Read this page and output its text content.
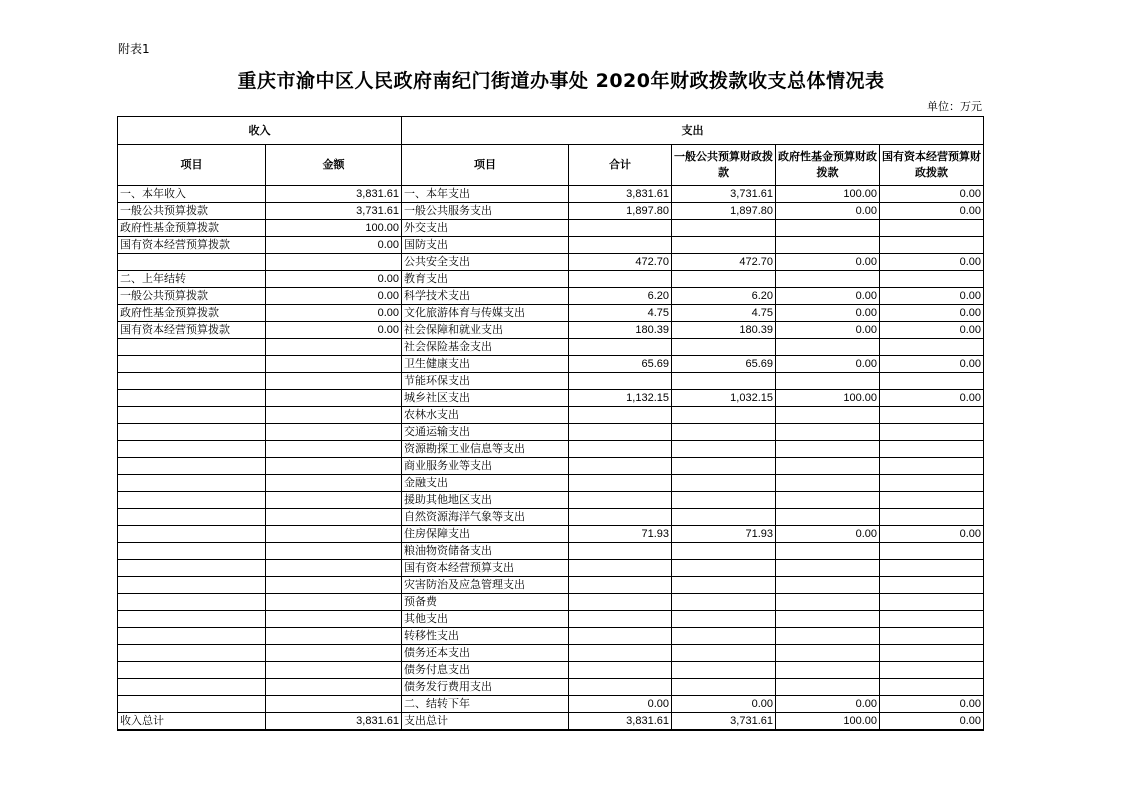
附表1
重庆市渝中区人民政府南纪门街道办事处 2020年财政拨款收支总体情况表
单位：万元
收入		支出				
项目	金额	项目	合计	一般公共预算财政拨款	政府性基金预算财政拨款	国有资本经营预算财政拨款
一、本年收入	3,831.61	一、本年支出	3,831.61	3,731.61	100.00	0.00
一般公共预算拨款	3,731.61	一般公共服务支出	1,897.80	1,897.80	0.00	0.00
政府性基金预算拨款	100.00	外交支出				
国有资本经营预算拨款	0.00	国防支出				
		公共安全支出	472.70	472.70	0.00	0.00
二、上年结转	0.00	教育支出				
一般公共预算拨款	0.00	科学技术支出	6.20	6.20	0.00	0.00
政府性基金预算拨款	0.00	文化旅游体育与传媒支出	4.75	4.75	0.00	0.00
国有资本经营预算拨款	0.00	社会保障和就业支出	180.39	180.39	0.00	0.00
		社会保险基金支出				
		卫生健康支出	65.69	65.69	0.00	0.00
		节能环保支出				
		城乡社区支出	1,132.15	1,032.15	100.00	0.00
		农林水支出				
		交通运输支出				
		资源勘探工业信息等支出				
		商业服务业等支出				
		金融支出				
		援助其他地区支出				
		自然资源海洋气象等支出				
		住房保障支出	71.93	71.93	0.00	0.00
		粮油物资储备支出				
		国有资本经营预算支出				
		灾害防治及应急管理支出				
		预备费				
		其他支出				
		转移性支出				
		债务还本支出				
		债务付息支出				
		债务发行费用支出				
		二、结转下年	0.00	0.00	0.00	0.00
收入总计	3,831.61	支出总计	3,831.61	3,731.61	100.00	0.00
